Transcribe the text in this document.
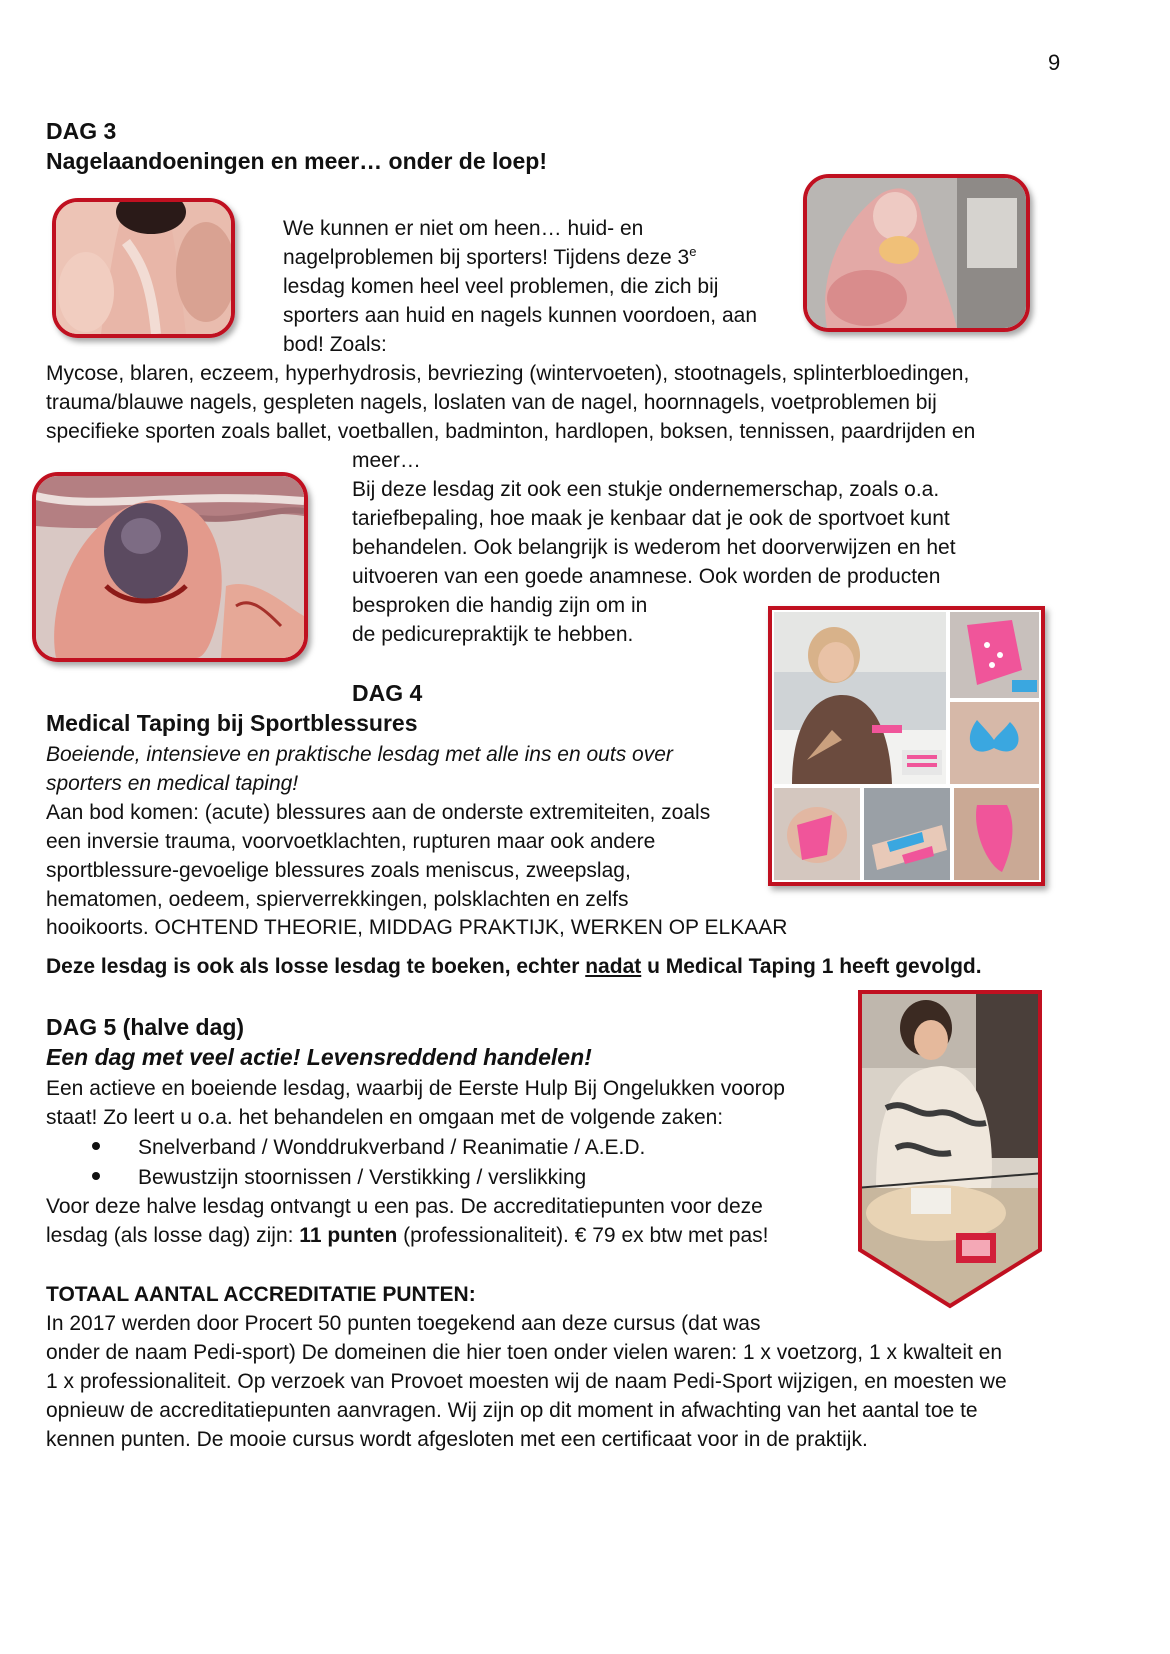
9
DAG 3
Nagelaandoeningen en meer… onder de loep!
We kunnen er niet om heen… huid- en
nagelproblemen bij sporters! Tijdens deze 3e
lesdag komen heel veel problemen, die zich bij
sporters aan huid en nagels kunnen voordoen, aan
bod! Zoals:
Mycose, blaren, eczeem, hyperhydrosis, bevriezing (wintervoeten), stootnagels, splinterbloedingen,
trauma/blauwe nagels, gespleten nagels, loslaten van de nagel, hoornnagels, voetproblemen bij
specifieke sporten zoals ballet, voetballen, badminton, hardlopen, boksen, tennissen, paardrijden en
meer…
Bij deze lesdag zit ook een stukje ondernemerschap, zoals o.a.
tariefbepaling, hoe maak je kenbaar dat je ook de sportvoet kunt
behandelen. Ook belangrijk is wederom het doorverwijzen en het
uitvoeren van een goede anamnese. Ook worden de producten
besproken die handig zijn om in
de pedicurepraktijk te hebben.
DAG 4
Medical Taping bij Sportblessures
Boeiende, intensieve en praktische lesdag met alle ins en outs over
sporters en medical taping!
Aan bod komen: (acute) blessures aan de onderste extremiteiten, zoals
een inversie trauma, voorvoetklachten, rupturen maar ook andere
sportblessure-gevoelige blessures zoals meniscus, zweepslag,
hematomen, oedeem, spierverrekkingen, polsklachten en zelfs
hooikoorts. OCHTEND THEORIE, MIDDAG PRAKTIJK, WERKEN OP ELKAAR
Deze lesdag is ook als losse lesdag te boeken, echter nadat u Medical Taping 1 heeft gevolgd.
DAG 5 (halve dag)
Een dag met veel actie! Levensreddend handelen!
Een actieve en boeiende lesdag, waarbij de Eerste Hulp Bij Ongelukken voorop
staat! Zo leert u o.a. het behandelen en omgaan met de volgende zaken:
Snelverband / Wonddrukverband / Reanimatie / A.E.D.
Bewustzijn stoornissen / Verstikking / verslikking
Voor deze halve lesdag ontvangt u een pas. De accreditatiepunten voor deze
lesdag (als losse dag) zijn: 11 punten (professionaliteit). € 79 ex btw met pas!
TOTAAL AANTAL ACCREDITATIE PUNTEN:
In 2017 werden door Procert 50 punten toegekend aan deze cursus (dat was
onder de naam Pedi-sport) De domeinen die hier toen onder vielen waren: 1 x voetzorg, 1 x kwalteit en
1 x professionaliteit. Op verzoek van Provoet moesten wij de naam Pedi-Sport wijzigen, en moesten we
opnieuw de accreditatiepunten aanvragen. Wij zijn op dit moment in afwachting van het aantal toe te
kennen punten. De mooie cursus wordt afgesloten met een certificaat voor in de praktijk.
